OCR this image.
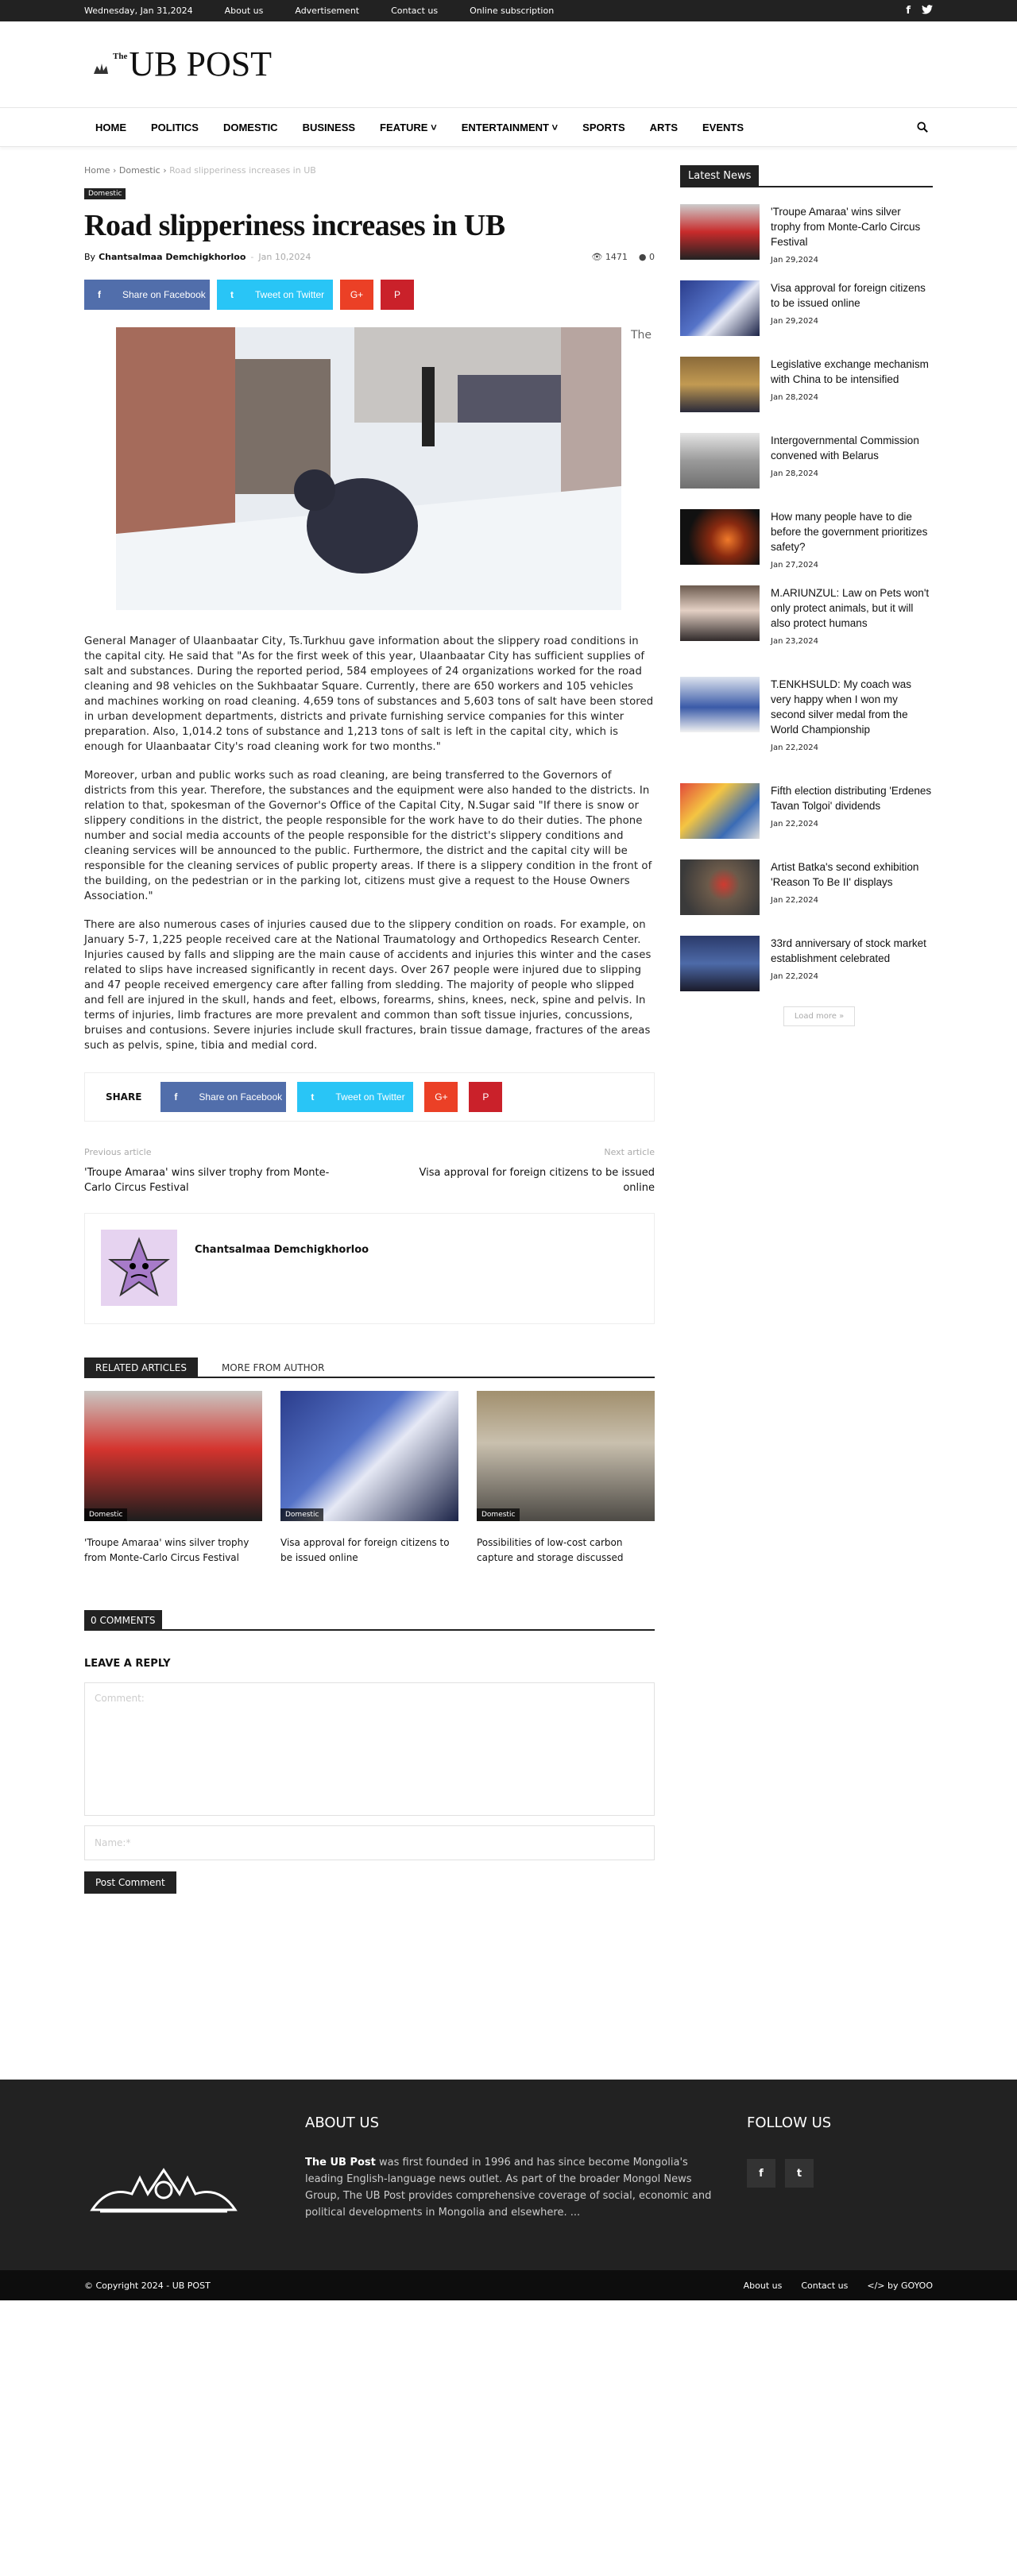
Wednesday, Jan 31,2024	About us	Advertisement	Contact us	Online subscription	f
The UB POST
HOME POLITICS DOMESTIC BUSINESS FEATURE ˅ ENTERTAINMENT ˅ SPORTS ARTS EVENTS
Home › Domestic › Road slipperiness increases in UB
Domestic
Road slipperiness increases in UB
By Chantsalmaa Demchigkhorloo - Jan 10,2024	👁 1471 ● 0
f	Share on Facebook	t	Tweet on Twitter	G+	P
The

General Manager of Ulaanbaatar City, Ts.Turkhuu gave information about the slippery road conditions in the capital city. He said that "As for the first week of this year, Ulaanbaatar City has sufficient supplies of salt and substances. During the reported period, 584 employees of 24 organizations worked for the road cleaning and 98 vehicles on the Sukhbaatar Square. Currently, there are 650 workers and 105 vehicles and machines working on road cleaning. 4,659 tons of substances and 5,603 tons of salt have been stored in urban development departments, districts and private furnishing service companies for this winter preparation. Also, 1,014.2 tons of substance and 1,213 tons of salt is left in the capital city, which is enough for Ulaanbaatar City's road cleaning work for two months."

Moreover, urban and public works such as road cleaning, are being transferred to the Governors of districts from this year. Therefore, the substances and the equipment were also handed to the districts. In relation to that, spokesman of the Governor's Office of the Capital City, N.Sugar said "If there is snow or slippery conditions in the district, the people responsible for the work have to do their duties. The phone number and social media accounts of the people responsible for the district's slippery conditions and cleaning services will be announced to the public. Furthermore, the district and the capital city will be responsible for the cleaning services of public property areas. If there is a slippery condition in the front of the building, on the pedestrian or in the parking lot, citizens must give a request to the House Owners Association."

There are also numerous cases of injuries caused due to the slippery condition on roads. For example, on January 5-7, 1,225 people received care at the National Traumatology and Orthopedics Research Center. Injuries caused by falls and slipping are the main cause of accidents and injuries this winter and the cases related to slips have increased significantly in recent days. Over 267 people were injured due to slipping and 47 people received emergency care after falling from sledding. The majority of people who slipped and fell are injured in the skull, hands and feet, elbows, forearms, shins, knees, neck, spine and pelvis. In terms of injuries, limb fractures are more prevalent and common than soft tissue injuries, concussions, bruises and contusions. Severe injuries include skull fractures, brain tissue damage, fractures of the areas such as pelvis, spine, tibia and medial cord.

SHARE	f	Share on Facebook	t	Tweet on Twitter	G+	P
Previous article
'Troupe Amaraa' wins silver trophy from Monte-Carlo Circus Festival
Next article
Visa approval for foreign citizens to be issued online
Chantsalmaa Demchigkhorloo
RELATED ARTICLES	MORE FROM AUTHOR
Domestic
'Troupe Amaraa' wins silver trophy from Monte-Carlo Circus Festival
Domestic
Visa approval for foreign citizens to be issued online
Domestic
Possibilities of low-cost carbon capture and storage discussed
0 COMMENTS
LEAVE A REPLY
Comment:
Name:*
Post Comment
Latest News
'Troupe Amaraa' wins silver trophy from Monte-Carlo Circus Festival
Jan 29,2024
Visa approval for foreign citizens to be issued online
Jan 29,2024
Legislative exchange mechanism with China to be intensified
Jan 28,2024
Intergovernmental Commission convened with Belarus
Jan 28,2024
How many people have to die before the government prioritizes safety?
Jan 27,2024
M.ARIUNZUL: Law on Pets won't only protect animals, but it will also protect humans
Jan 23,2024
T.ENKHSULD: My coach was very happy when I won my second silver medal from the World Championship
Jan 22,2024
Fifth election distributing 'Erdenes Tavan Tolgoi' dividends
Jan 22,2024
Artist Batka's second exhibition 'Reason To Be II' displays
Jan 22,2024
33rd anniversary of stock market establishment celebrated
Jan 22,2024
Load more »
ABOUT US
The UB Post was first founded in 1996 and has since become Mongolia's leading English-language news outlet. As part of the broader Mongol News Group, The UB Post provides comprehensive coverage of social, economic and political developments in Mongolia and elsewhere. ...
FOLLOW US
f	t
© Copyright 2024 - UB POST	About us Contact us </> by GOYOO
